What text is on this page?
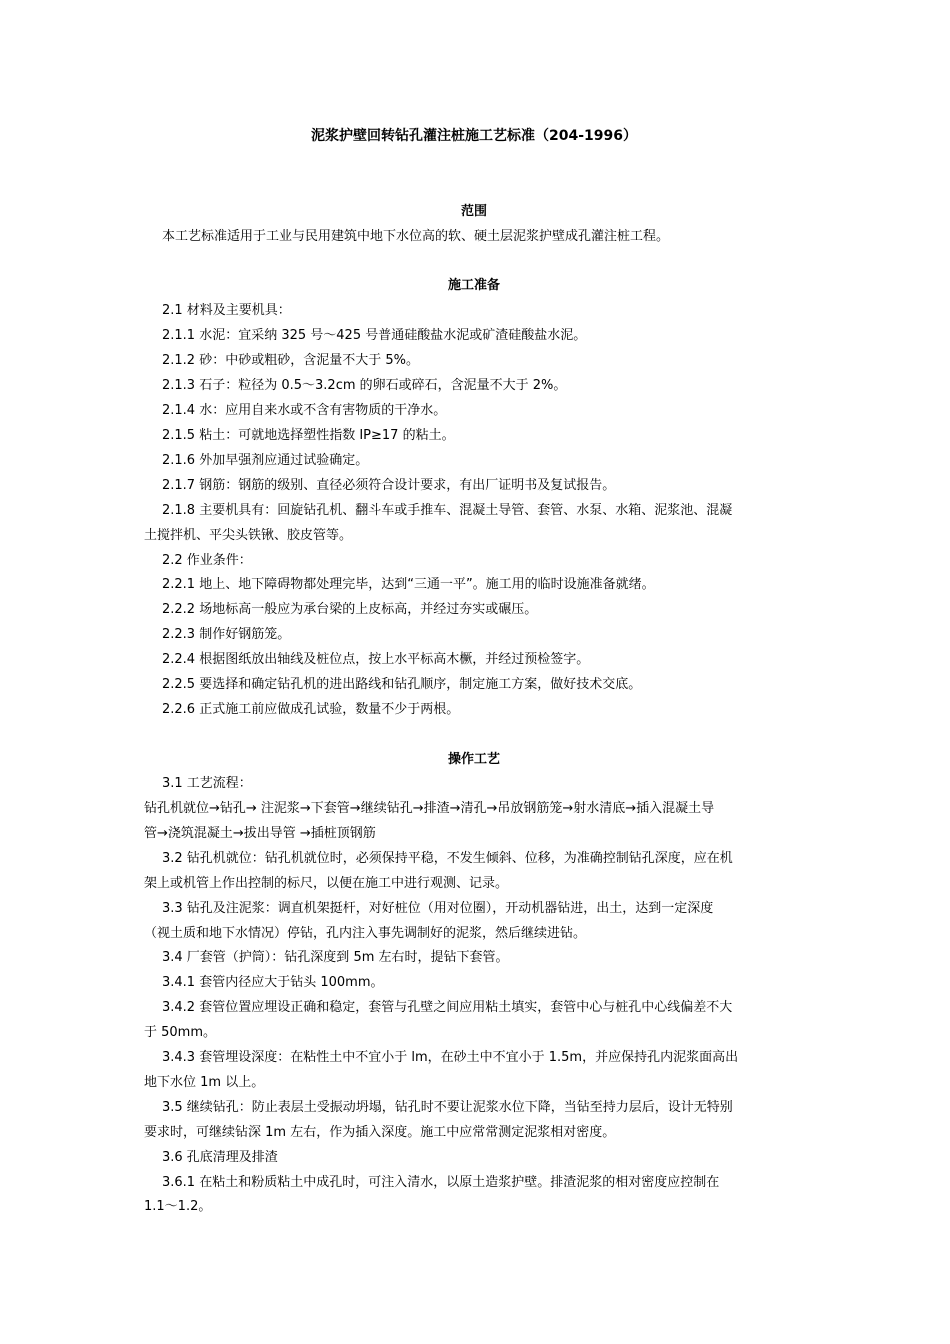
泥浆护壁回转钻孔灌注桩施工艺标准（204-1996）
范围
本工艺标准适用于工业与民用建筑中地下水位高的软、硬土层泥浆护壁成孔灌注桩工程。
施工准备
2.1 材料及主要机具：
2.1.1 水泥：宜采纳 325 号～425 号普通硅酸盐水泥或矿渣硅酸盐水泥。
2.1.2 砂：中砂或粗砂，含泥量不大于 5%。
2.1.3 石子：粒径为 0.5～3.2cm 的卵石或碎石，含泥量不大于 2%。
2.1.4 水：应用自来水或不含有害物质的干净水。
2.1.5 粘土：可就地选择塑性指数 IP≥17 的粘土。
2.1.6 外加早强剂应通过试验确定。
2.1.7 钢筋：钢筋的级别、直径必须符合设计要求，有出厂证明书及复试报告。
2.1.8 主要机具有：回旋钻孔机、翻斗车或手推车、混凝土导管、套管、水泵、水箱、泥浆池、混凝
土搅拌机、平尖头铁锹、胶皮管等。
2.2 作业条件：
2.2.1 地上、地下障碍物都处理完毕，达到“三通一平”。施工用的临时设施准备就绪。
2.2.2 场地标高一般应为承台梁的上皮标高，并经过夯实或碾压。
2.2.3 制作好钢筋笼。
2.2.4 根据图纸放出轴线及桩位点，按上水平标高木橛，并经过预检签字。
2.2.5 要选择和确定钻孔机的进出路线和钻孔顺序，制定施工方案，做好技术交底。
2.2.6 正式施工前应做成孔试验，数量不少于两根。
操作工艺
3.1 工艺流程：
钻孔机就位→钻孔→ 注泥浆→下套管→继续钻孔→排渣→清孔→吊放钢筋笼→射水清底→插入混凝土导
管→浇筑混凝土→拔出导管 →插桩顶钢筋
3.2 钻孔机就位：钻孔机就位时，必须保持平稳，不发生倾斜、位移，为准确控制钻孔深度，应在机
架上或机管上作出控制的标尺，以便在施工中进行观测、记录。
3.3 钻孔及注泥浆：调直机架挺杆，对好桩位（用对位圈），开动机器钻进，出土，达到一定深度
（视土质和地下水情况）停钻，孔内注入事先调制好的泥浆，然后继续进钻。
3.4 厂套管（护筒）：钻孔深度到 5m 左右时，提钻下套管。
3.4.1 套管内径应大于钻头 100mm。
3.4.2 套管位置应埋设正确和稳定，套管与孔壁之间应用粘土填实，套管中心与桩孔中心线偏差不大
于 50mm。
3.4.3 套管埋设深度：在粘性土中不宜小于 lm，在砂土中不宜小于 1.5m，并应保持孔内泥浆面高出
地下水位 1m 以上。
3.5 继续钻孔：防止表层土受振动坍塌，钻孔时不要让泥浆水位下降，当钻至持力层后，设计无特别
要求时，可继续钻深 1m 左右，作为插入深度。施工中应常常测定泥浆相对密度。
3.6 孔底清理及排渣
3.6.1 在粘土和粉质粘土中成孔时，可注入清水，以原土造浆护壁。排渣泥浆的相对密度应控制在
1.1～1.2。
